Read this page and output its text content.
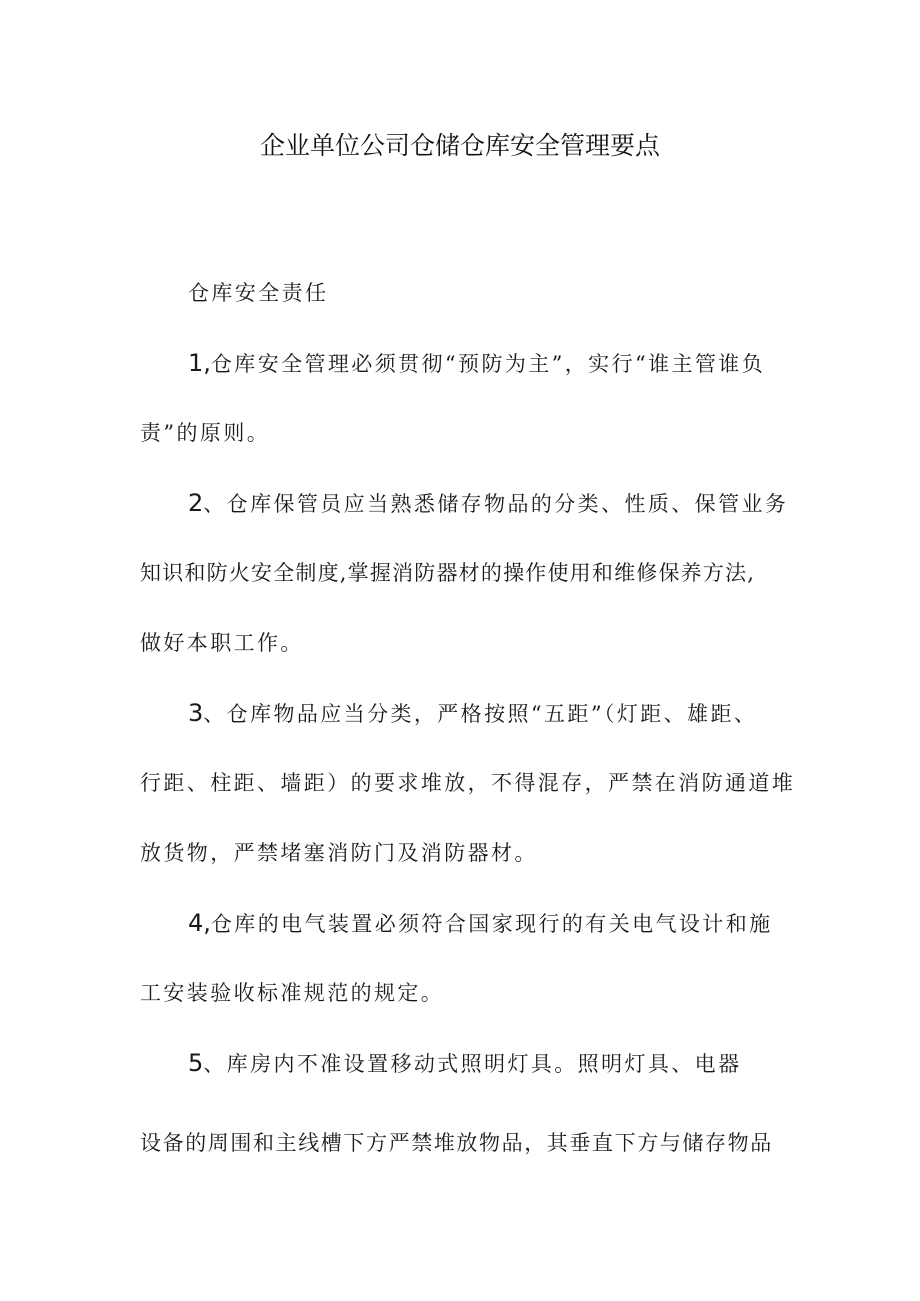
企业单位公司仓储仓库安全管理要点
仓库安全责任
1,仓库安全管理必须贯彻“预防为主”，实行“谁主管谁负
责”的原则。
2、仓库保管员应当熟悉储存物品的分类、性质、保管业务
知识和防火安全制度,掌握消防器材的操作使用和维修保养方法,
做好本职工作。
3、仓库物品应当分类，严格按照“五距”（灯距、雄距、
行距、柱距、墙距）的要求堆放，不得混存，严禁在消防通道堆
放货物，严禁堵塞消防门及消防器材。
4,仓库的电气装置必须符合国家现行的有关电气设计和施
工安装验收标准规范的规定。
5、库房内不准设置移动式照明灯具。照明灯具、电器
设备的周围和主线槽下方严禁堆放物品，其垂直下方与储存物品
